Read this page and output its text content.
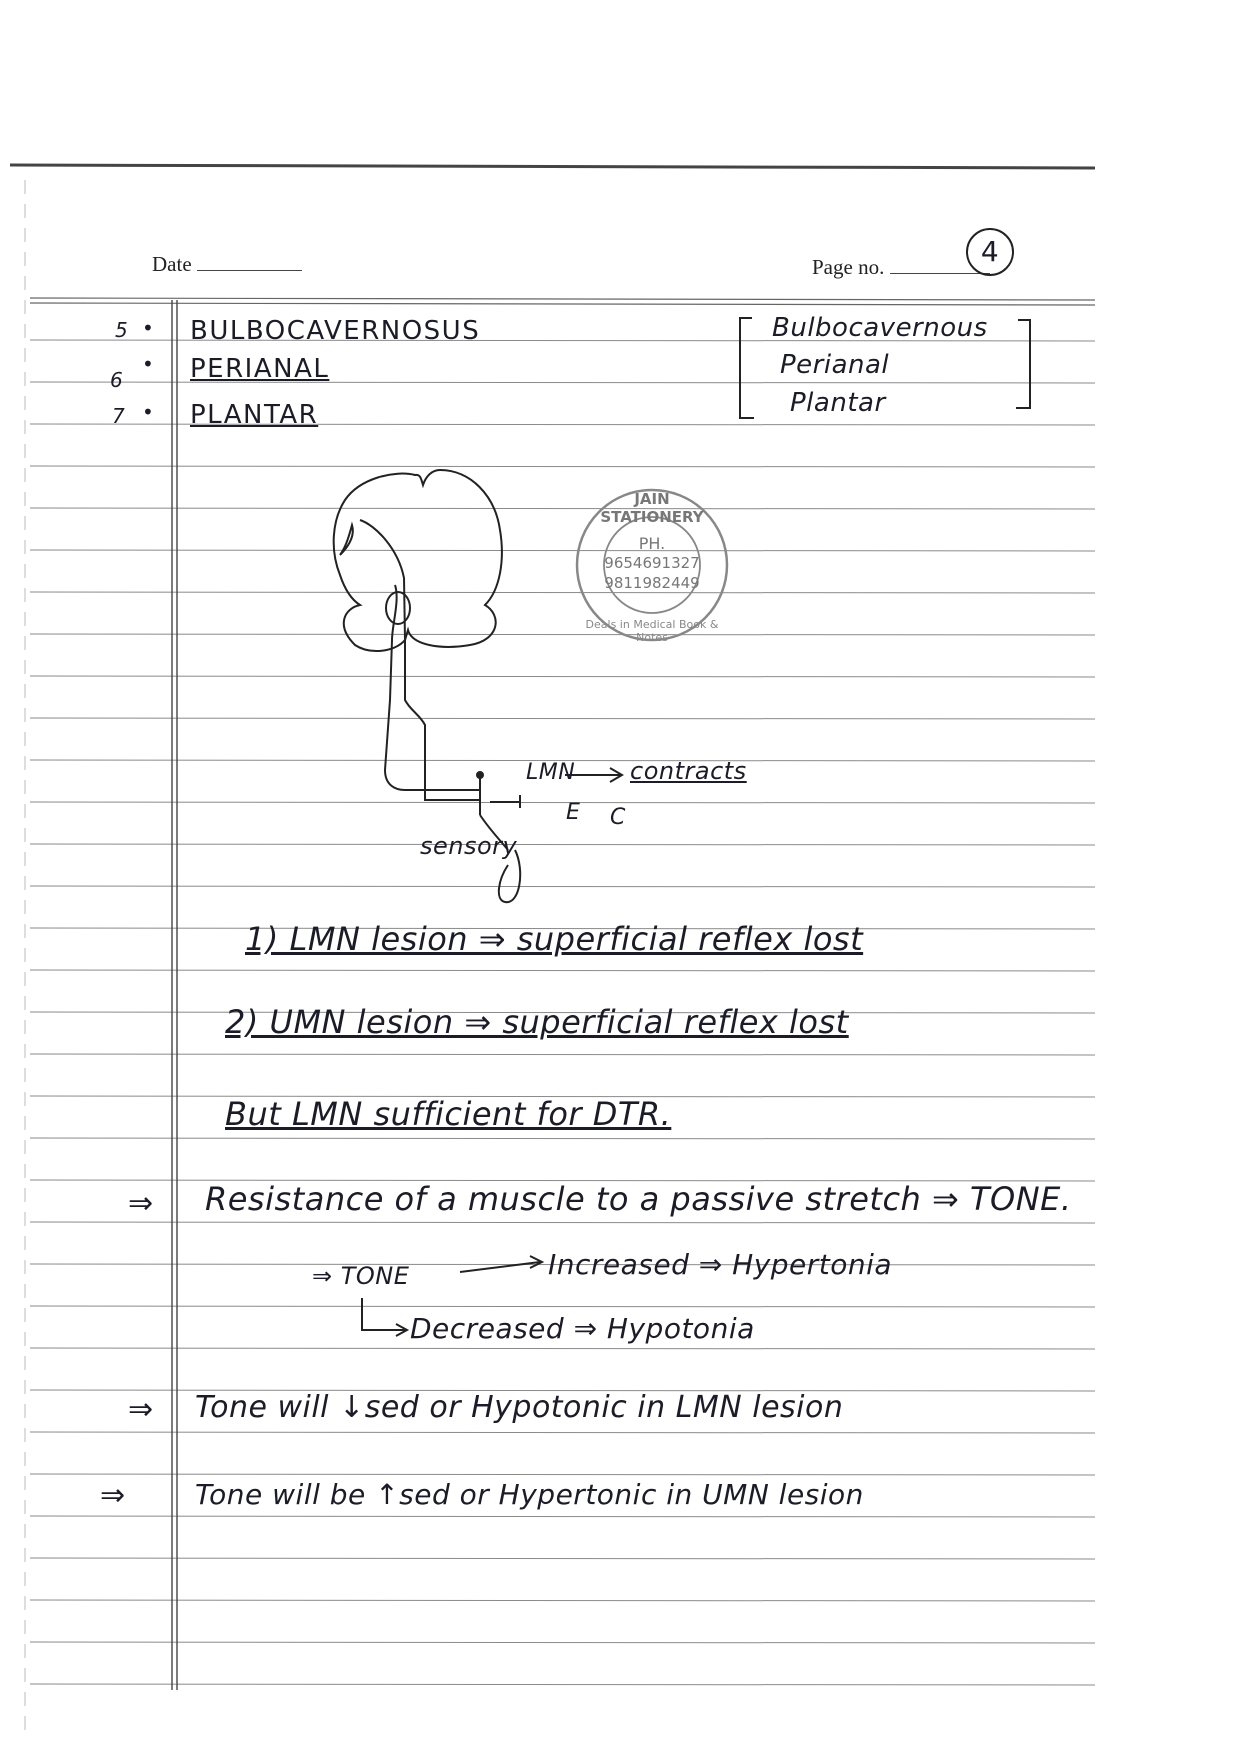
Date	Page no.	4
5 • BULBOCAVERNOSUS
6
• PERIANAL
7 • PLANTAR
Bulbocavernous
Perianal
Plantar
LMN contracts
E C
sensory
JAIN STATIONERY
PH.
9654691327
9811982449
Deals in Medical Book & Notes
1) LMN lesion ⇒ superficial reflex lost
2) UMN lesion ⇒ superficial reflex lost
But LMN sufficient for DTR.
⇒ Resistance of a muscle to a passive stretch ⇒ TONE.
⇒ TONE	Increased ⇒ Hypertonia
Decreased ⇒ Hypotonia
⇒ Tone will ↓sed or Hypotonic in LMN lesion
⇒ Tone will be ↑sed or Hypertonic in UMN lesion
